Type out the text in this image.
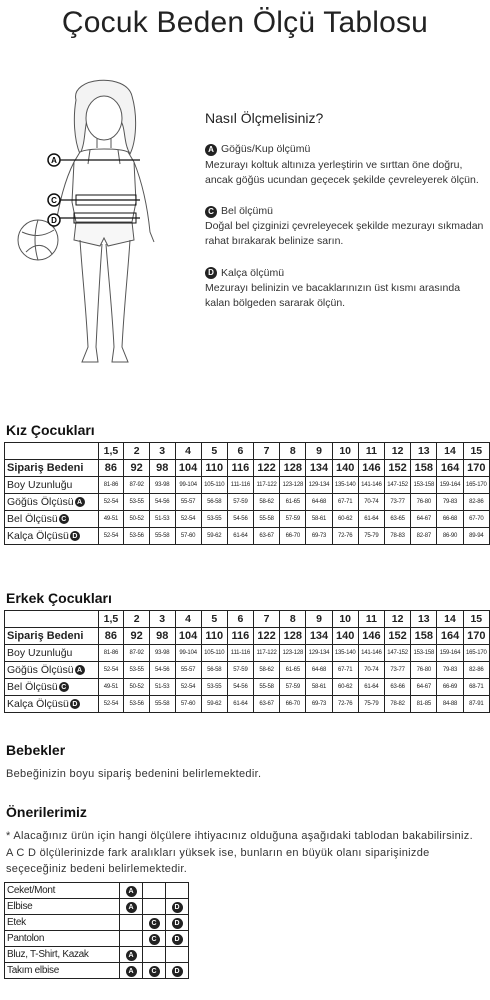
Çocuk Beden Ölçü Tablosu
A
C
D
Nasıl Ölçmelisiniz?
A Göğüs/Kup ölçümü
Mezurayı koltuk altınıza yerleştirin ve sırttan öne doğru, ancak göğüs ucundan geçecek şekilde çevreleyerek ölçün.
C Bel ölçümü
Doğal bel çizginizi çevreleyecek şekilde mezurayı sıkmadan rahat bırakarak belinize sarın.
D Kalça ölçümü
Mezurayı belinizin ve bacaklarınızın üst kısmı arasında kalan bölgeden sararak ölçün.
Kız Çocukları
	1,5	2	3	4	5	6	7	8	9	10	11	12	13	14	15
Sipariş Bedeni	86	92	98	104	110	116	122	128	134	140	146	152	158	164	170
Boy Uzunluğu	81-86	87-92	93-98	99-104	105-110	111-116	117-122	123-128	129-134	135-140	141-146	147-152	153-158	159-164	165-170
Göğüs Ölçüsü A	52-54	53-55	54-56	55-57	56-58	57-59	58-62	61-65	64-68	67-71	70-74	73-77	76-80	79-83	82-86
Bel Ölçüsü C	49-51	50-52	51-53	52-54	53-55	54-56	55-58	57-59	58-61	60-62	61-64	63-65	64-67	66-68	67-70
Kalça Ölçüsü D	52-54	53-56	55-58	57-60	59-62	61-64	63-67	66-70	69-73	72-76	75-79	78-83	82-87	86-90	89-94
Erkek Çocukları
	1,5	2	3	4	5	6	7	8	9	10	11	12	13	14	15
Sipariş Bedeni	86	92	98	104	110	116	122	128	134	140	146	152	158	164	170
Boy Uzunluğu	81-86	87-92	93-98	99-104	105-110	111-116	117-122	123-128	129-134	135-140	141-146	147-152	153-158	159-164	165-170
Göğüs Ölçüsü A	52-54	53-55	54-56	55-57	56-58	57-59	58-62	61-65	64-68	67-71	70-74	73-77	76-80	79-83	82-86
Bel Ölçüsü C	49-51	50-52	51-53	52-54	53-55	54-56	55-58	57-59	58-61	60-62	61-64	63-66	64-67	66-69	68-71
Kalça Ölçüsü D	52-54	53-56	55-58	57-60	59-62	61-64	63-67	66-70	69-73	72-76	75-79	78-82	81-85	84-88	87-91
Bebekler
Bebeğinizin boyu sipariş bedenini belirlemektedir.
Önerilerimiz
* Alacağınız ürün için hangi ölçülere ihtiyacınız olduğuna aşağıdaki tablodan bakabilirsiniz. A C D ölçülerinizde fark aralıkları yüksek ise, bunların en büyük olanı siparişinizde seçeceğiniz bedeni belirlemektedir.
Ceket/Mont	A		
Elbise	A		D
Etek		C	D
Pantolon		C	D
Bluz, T-Shirt, Kazak	A		
Takım elbise	A	C	D
